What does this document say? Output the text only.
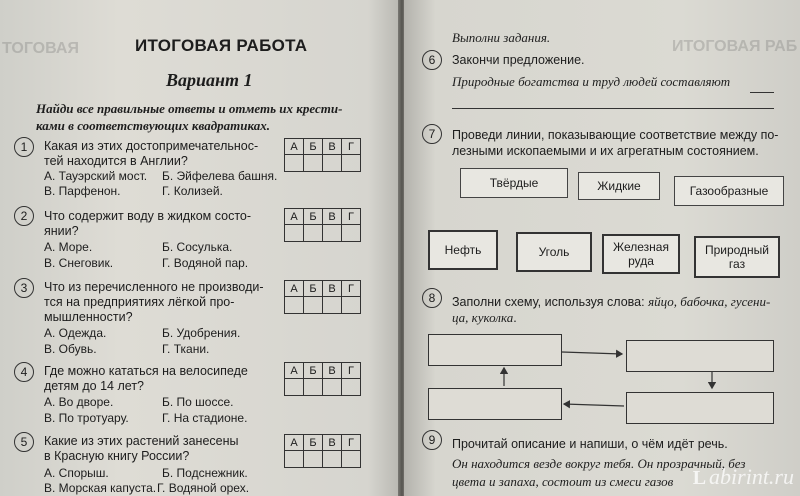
ТОГОВАЯ	ИТОГОВАЯ РАБОТА
Вариант 1
Найди все правильные ответы и отметь их крести-
ками в соответствующих квадратиках.
1	Какая из этих достопримечательнос-
тей находится в Англии?
А. Тауэрский мост. Б. Эйфелева башня.
В. Парфенон.	Г. Колизей.
А	Б	В	Г

2	Что содержит воду в жидком состо-
янии?
А. Море.	Б. Сосулька.
В. Снеговик.	Г. Водяной пар.
А	Б	В	Г

3	Что из перечисленного не производи-
тся на предприятиях лёгкой про-
мышленности?
А. Одежда.	Б. Удобрения.
В. Обувь.	Г. Ткани.
А	Б	В	Г

4	Где можно кататься на велосипеде
детям до 14 лет?
А. Во дворе.	Б. По шоссе.
В. По тротуару.	Г. На стадионе.
А	Б	В	Г

5	Какие из этих растений занесены
в Красную книгу России?
А. Спорыш.	Б. Подснежник.
В. Морская капуста. Г. Водяной орех.
А	Б	В	Г

ИТОГОВАЯ РАБ
Выполни задания.
6	Закончи предложение.
Природные богатства и труд людей составляют
7	Проведи линии, показывающие соответствие между по-
лезными ископаемыми и их агрегатным состоянием.
Твёрдые	Жидкие	Газообразные
Нефть	Уголь	Железная руда
Природный газ
8	Заполни схему, используя слова: яйцо, бабочка, гусени-
ца, куколка.
9	Прочитай описание и напиши, о чём идёт речь.
Он находится везде вокруг тебя. Он прозрачный, без
цвета и запаха, состоит из смеси газов L abirint.ru
